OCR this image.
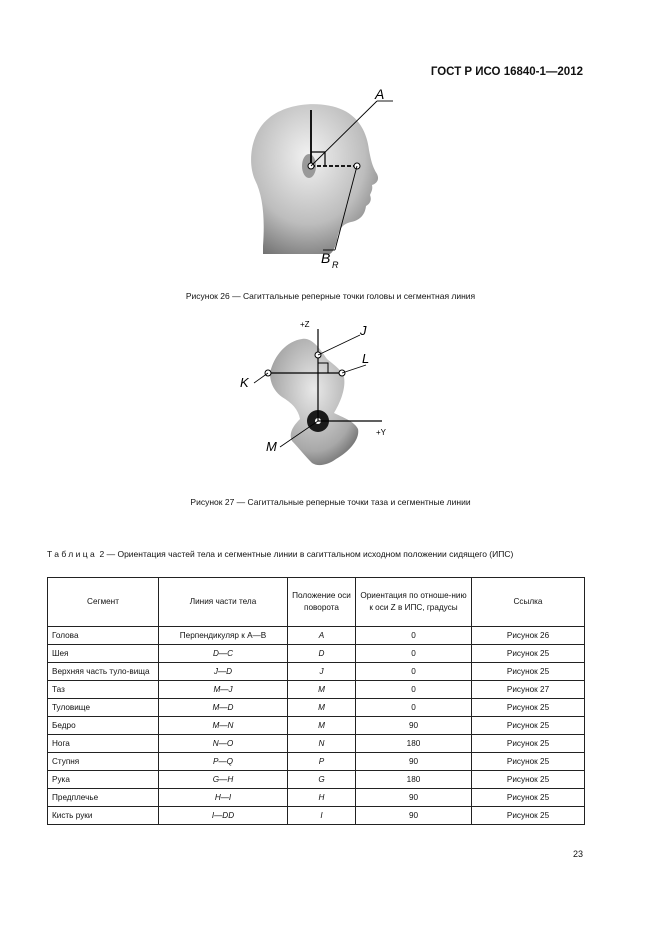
ГОСТ Р ИСО 16840-1—2012
A
B R
Рисунок 26 — Сагиттальные реперные точки головы и сегментная линия
+Z
+Y
J
L
K
M
Рисунок 27 — Сагиттальные реперные точки таза и сегментные линии
Таблица 2 — Ориентация частей тела и сегментные линии в сагиттальном исходном положении сидящего (ИПС)
Сегмент	Линия части тела	Положение оси поворота	Ориентация по отноше-нию к оси Z в ИПС, градусы	Ссылка
Голова	Перпендикуляр к A—B	A	0	Рисунок 26
Шея	D—C	D	0	Рисунок 25
Верхняя часть туло-вища	J—D	J	0	Рисунок 25
Таз	M—J	M	0	Рисунок 27
Туловище	M—D	M	0	Рисунок 25
Бедро	M—N	M	90	Рисунок 25
Нога	N—O	N	180	Рисунок 25
Ступня	P—Q	P	90	Рисунок 25
Рука	G—H	G	180	Рисунок 25
Предплечье	H—I	H	90	Рисунок 25
Кисть руки	I—DD	I	90	Рисунок 25
23
